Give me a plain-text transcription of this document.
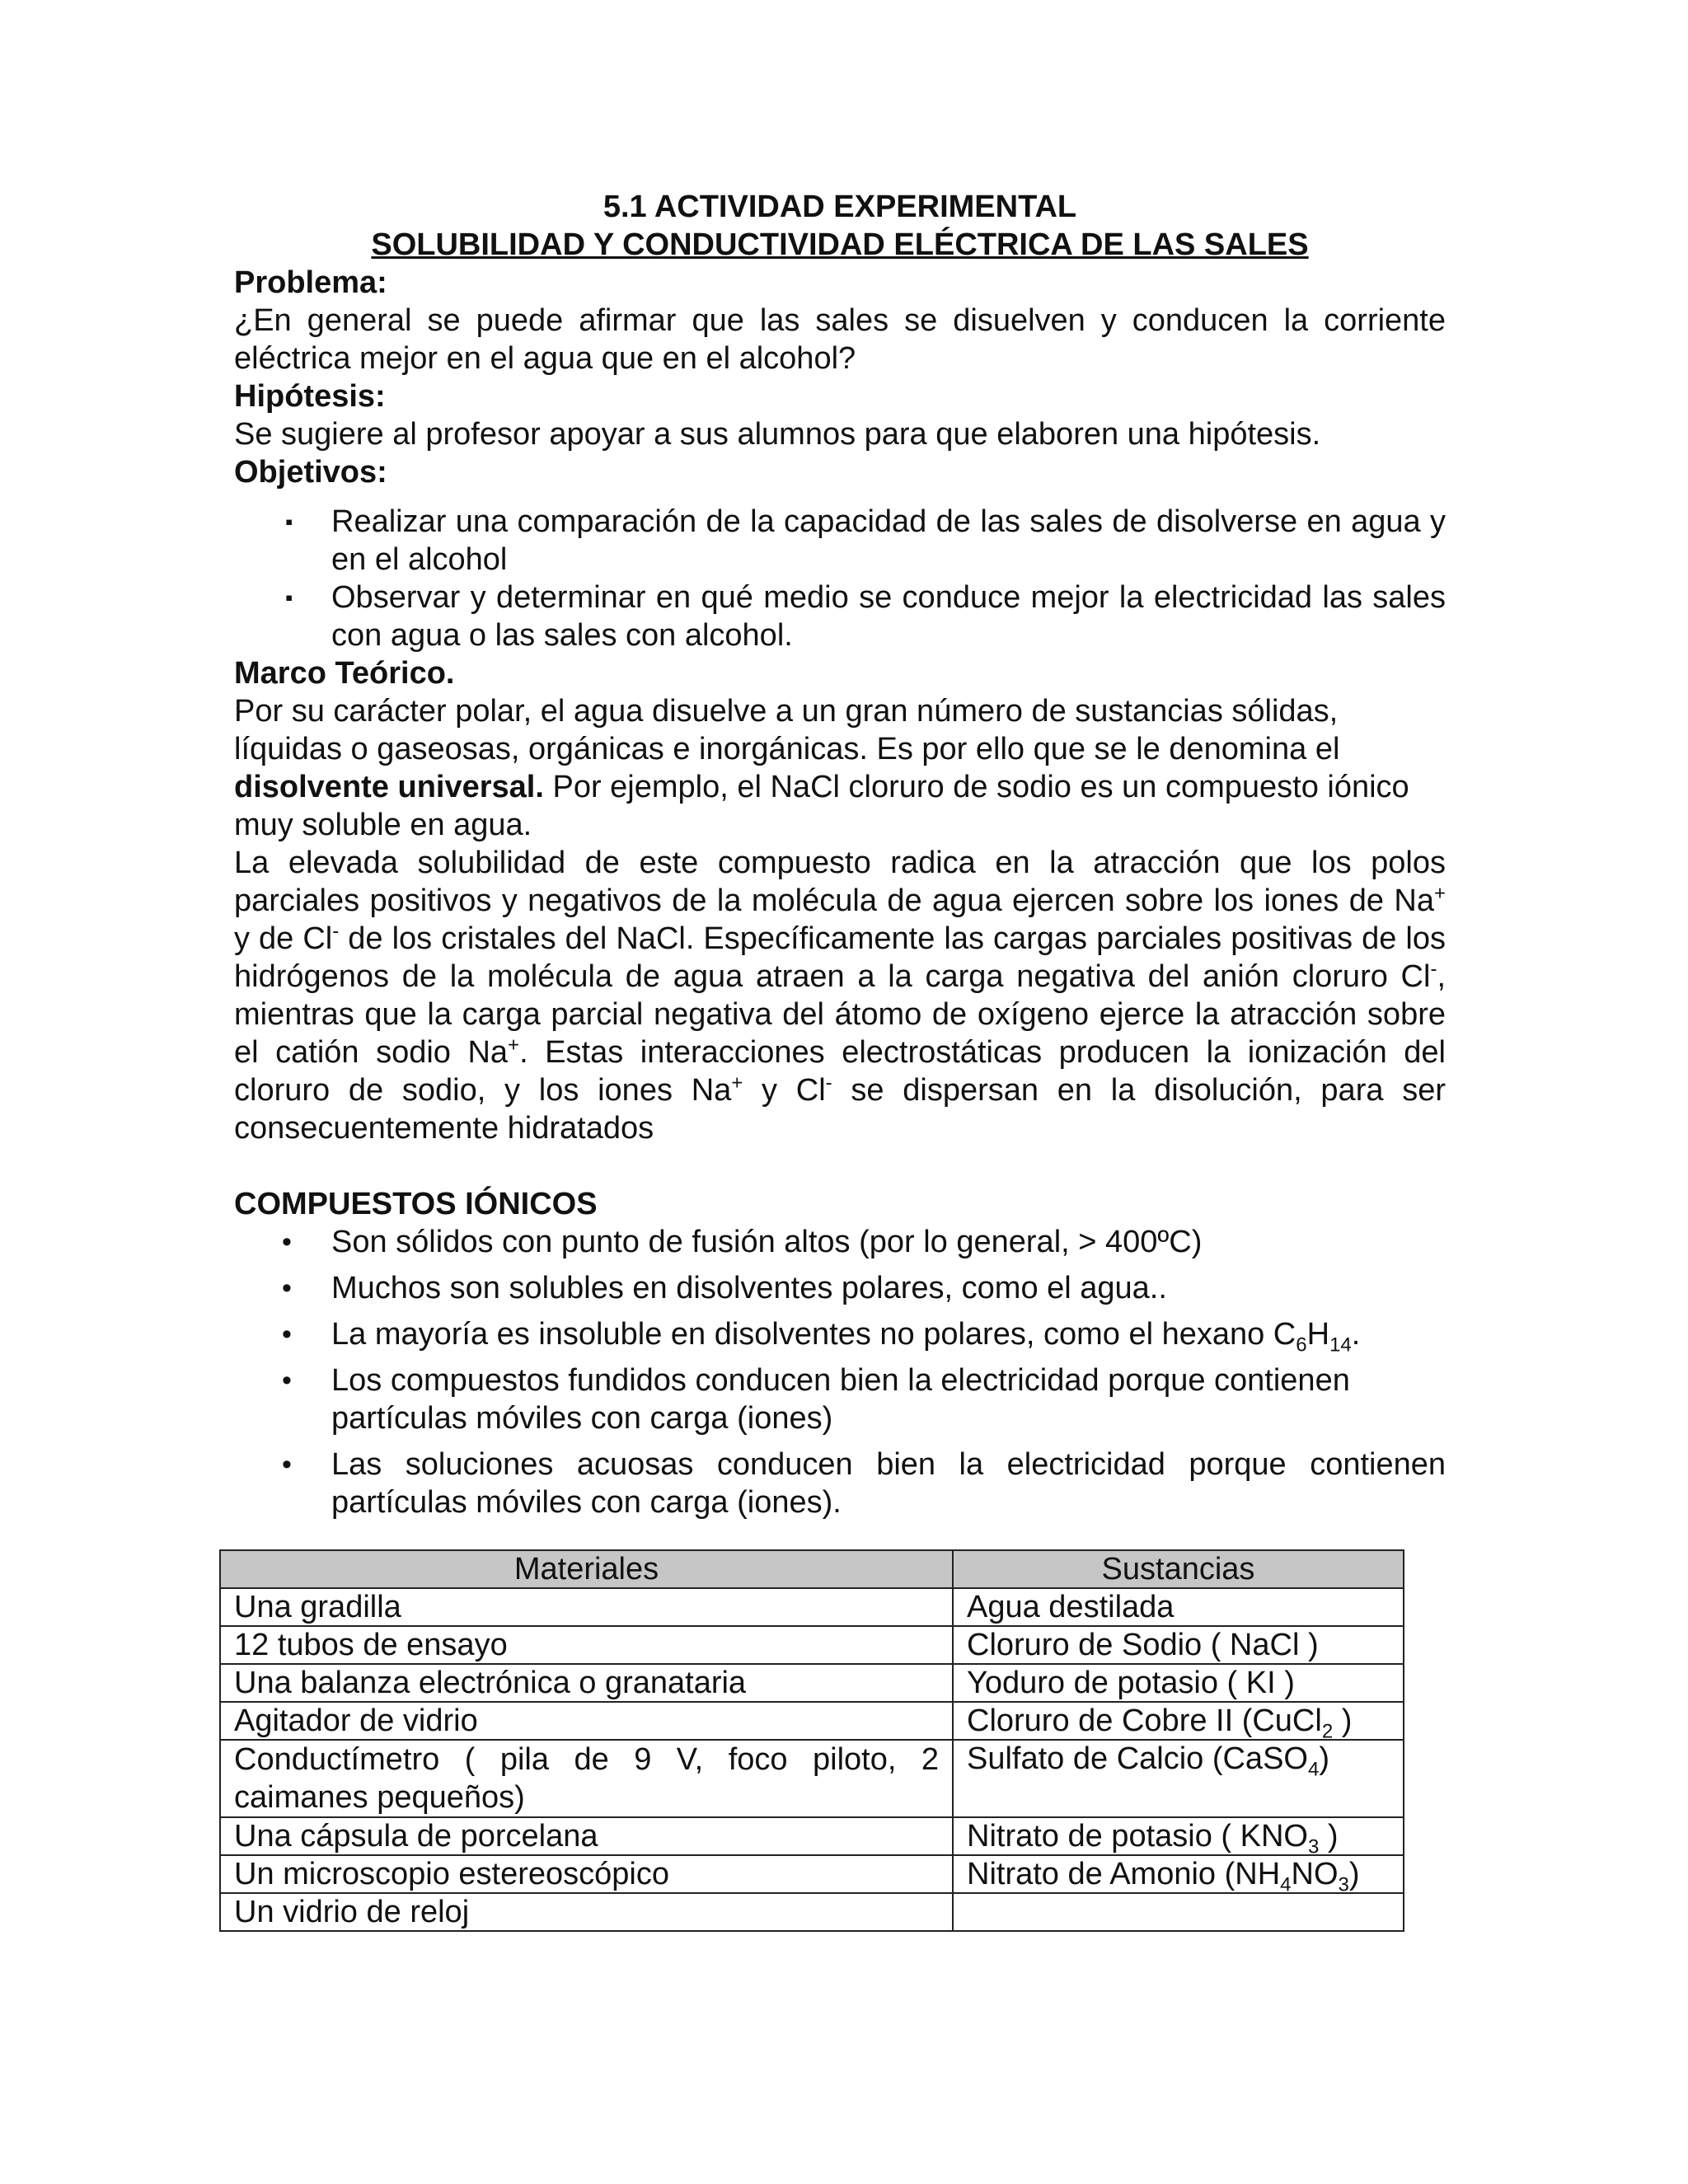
5.1 ACTIVIDAD EXPERIMENTAL
SOLUBILIDAD Y CONDUCTIVIDAD ELÉCTRICA DE LAS SALES
Problema:

¿En general se puede afirmar que las sales se disuelven y conducen la corriente eléctrica mejor en el agua que en el alcohol?

Hipótesis:

Se sugiere al profesor apoyar a sus alumnos para que elaboren una hipótesis.

Objetivos:
▪	Realizar una comparación de la capacidad de las sales de disolverse en agua y en el alcohol
▪	Observar y determinar en qué medio se conduce mejor la electricidad las sales con agua o las sales con alcohol.
Marco Teórico.

Por su carácter polar, el agua disuelve a un gran número de sustancias sólidas, líquidas o gaseosas, orgánicas e inorgánicas. Es por ello que se le denomina el disolvente universal. Por ejemplo, el NaCl cloruro de sodio es un compuesto iónico muy soluble en agua.

La elevada solubilidad de este compuesto radica en la atracción que los polos parciales positivos y negativos de la molécula de agua ejercen sobre los iones de Na+ y de Cl- de los cristales del NaCl. Específicamente las cargas parciales positivas de los hidrógenos de la molécula de agua atraen a la carga negativa del anión cloruro Cl-, mientras que la carga parcial negativa del átomo de oxígeno ejerce la atracción sobre el catión sodio Na+. Estas interacciones electrostáticas producen la ionización del cloruro de sodio, y los iones Na+ y Cl- se dispersan en la disolución, para ser consecuentemente hidratados

COMPUESTOS IÓNICOS
• Son sólidos con punto de fusión altos (por lo general, > 400ºC)
• Muchos son solubles en disolventes polares, como el agua..
• La mayoría es insoluble en disolventes no polares, como el hexano $C_6H_{14}$.
• Los compuestos fundidos conducen bien la electricidad porque contienen partículas móviles con carga (iones)
• Las soluciones acuosas conducen bien la electricidad porque contienen partículas móviles con carga (iones).
Materiales	Sustancias
Una gradilla	Agua destilada
12 tubos de ensayo	Cloruro de Sodio ( NaCl )
Una balanza electrónica o granataria	Yoduro de potasio ( KI )
Agitador de vidrio	Cloruro de Cobre II (CuCl$_2$ )
Conductímetro ( pila de 9 V, foco piloto, 2 caimanes pequeños)	Sulfato de Calcio (CaSO$_4$)
Una cápsula de porcelana	Nitrato de potasio ( $KNO_3$ )
Un microscopio estereoscópico	Nitrato de Amonio $(NH_4NO_3)$
Un vidrio de reloj	
